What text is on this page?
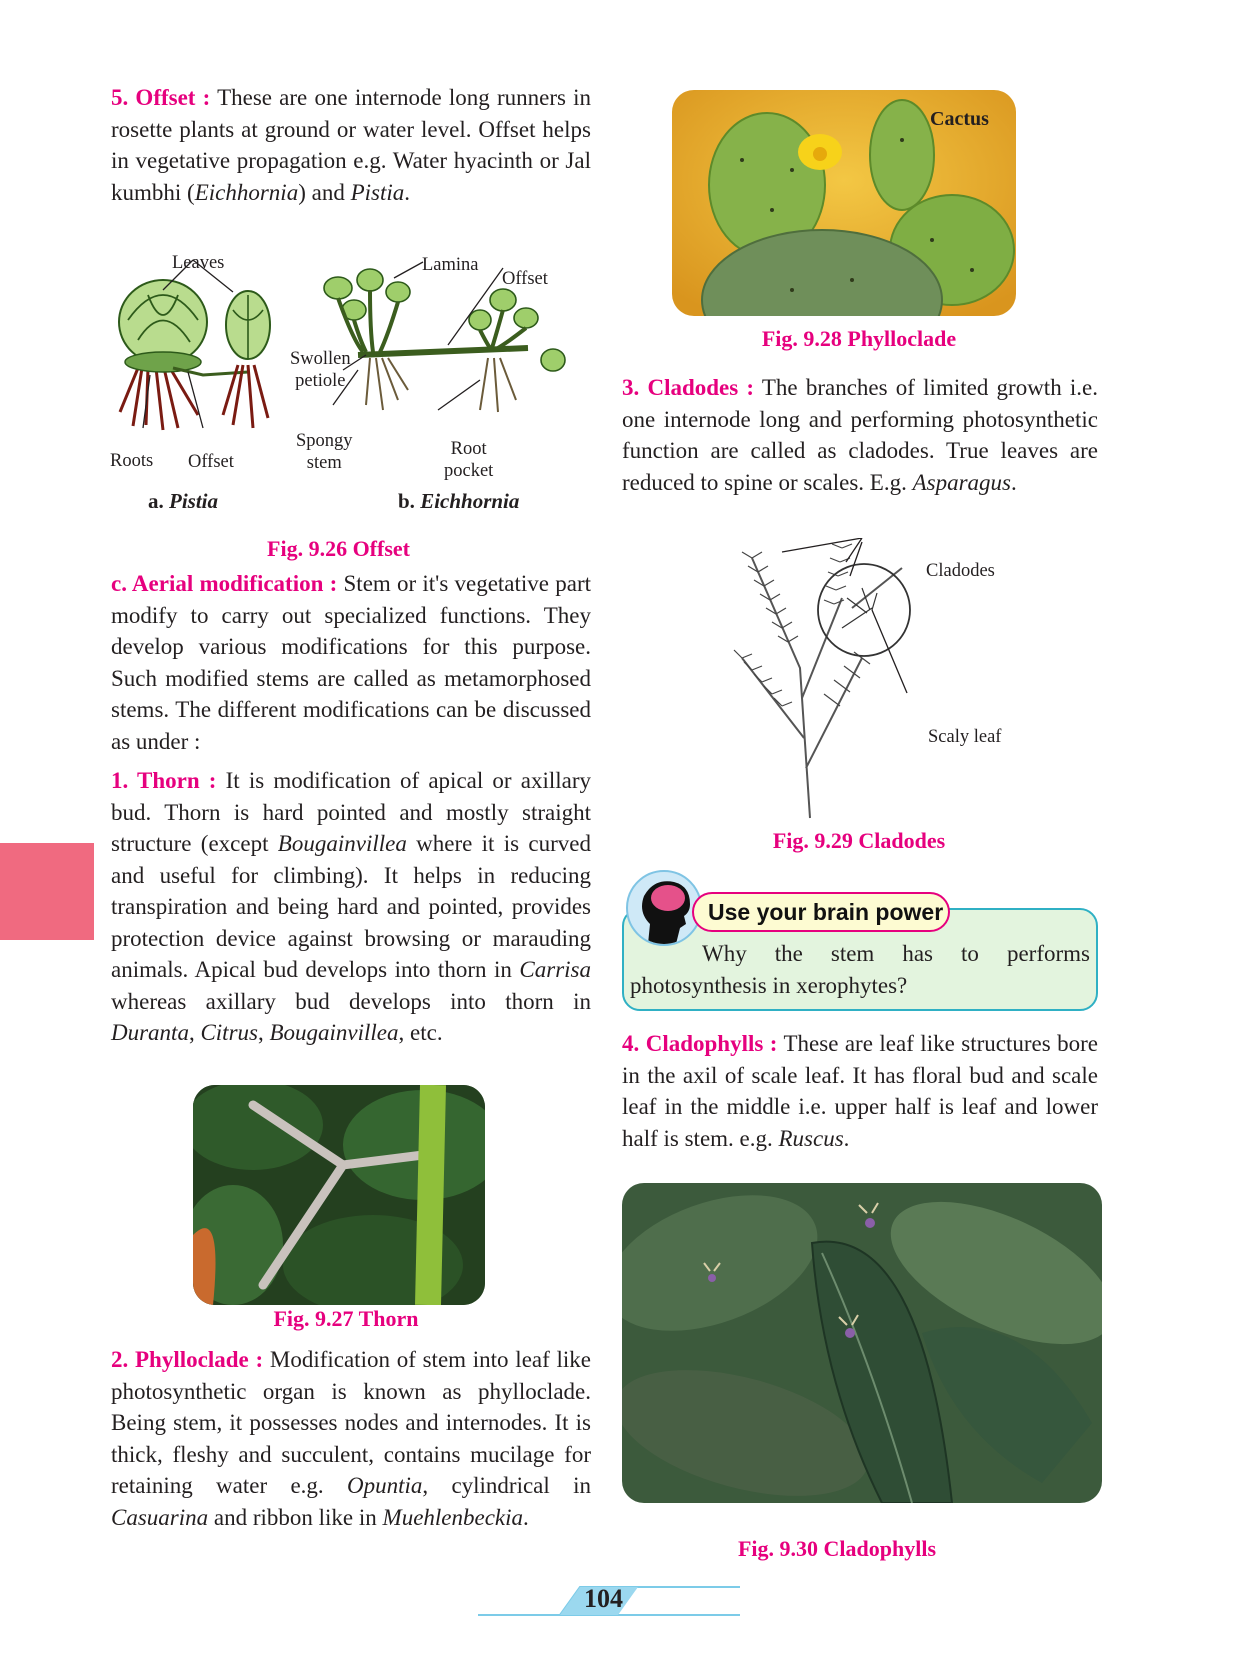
5. Offset : These are one internode long runners in rosette plants at ground or water level. Offset helps in vegetative propagation e.g. Water hyacinth or Jal kumbhi (Eichhornia) and Pistia.

Leaves	Lamina
Offset
Swollen
petiole
Spongy
stem
Root
pocket
Roots Offset
a. Pistia	b. Eichhornia
Fig. 9.26 Offset

c. Aerial modification : Stem or it's vegetative part modify to carry out specialized functions. They develop various modifications for this purpose. Such modified stems are called as metamorphosed stems. The different modifications can be discussed as under :

1. Thorn : It is modification of apical or axillary bud. Thorn is hard pointed and mostly straight structure (except Bougainvillea where it is curved and useful for climbing). It helps in reducing transpiration and being hard and pointed, provides protection device against browsing or marauding animals. Apical bud develops into thorn in Carrisa whereas axillary bud develops into thorn in Duranta, Citrus, Bougainvillea, etc.

Fig. 9.27 Thorn

2. Phylloclade : Modification of stem into leaf like photosynthetic organ is known as phylloclade. Being stem, it possesses nodes and internodes. It is thick, fleshy and succulent, contains mucilage for retaining water e.g. Opuntia, cylindrical in Casuarina and ribbon like in Muehlenbeckia.

Cactus
Fig. 9.28 Phylloclade

3. Cladodes : The branches of limited growth i.e. one internode long and performing photosynthetic function are called as cladodes. True leaves are reduced to spine or scales. E.g. Asparagus.

Cladodes
Scaly leaf
Fig. 9.29 Cladodes
Use your brain power

Why the stem has to performs photosynthesis in xerophytes?

4. Cladophylls : These are leaf like structures bore in the axil of scale leaf. It has floral bud and scale leaf in the middle i.e. upper half is leaf and lower half is stem. e.g. Ruscus.

Fig. 9.30 Cladophylls
104
